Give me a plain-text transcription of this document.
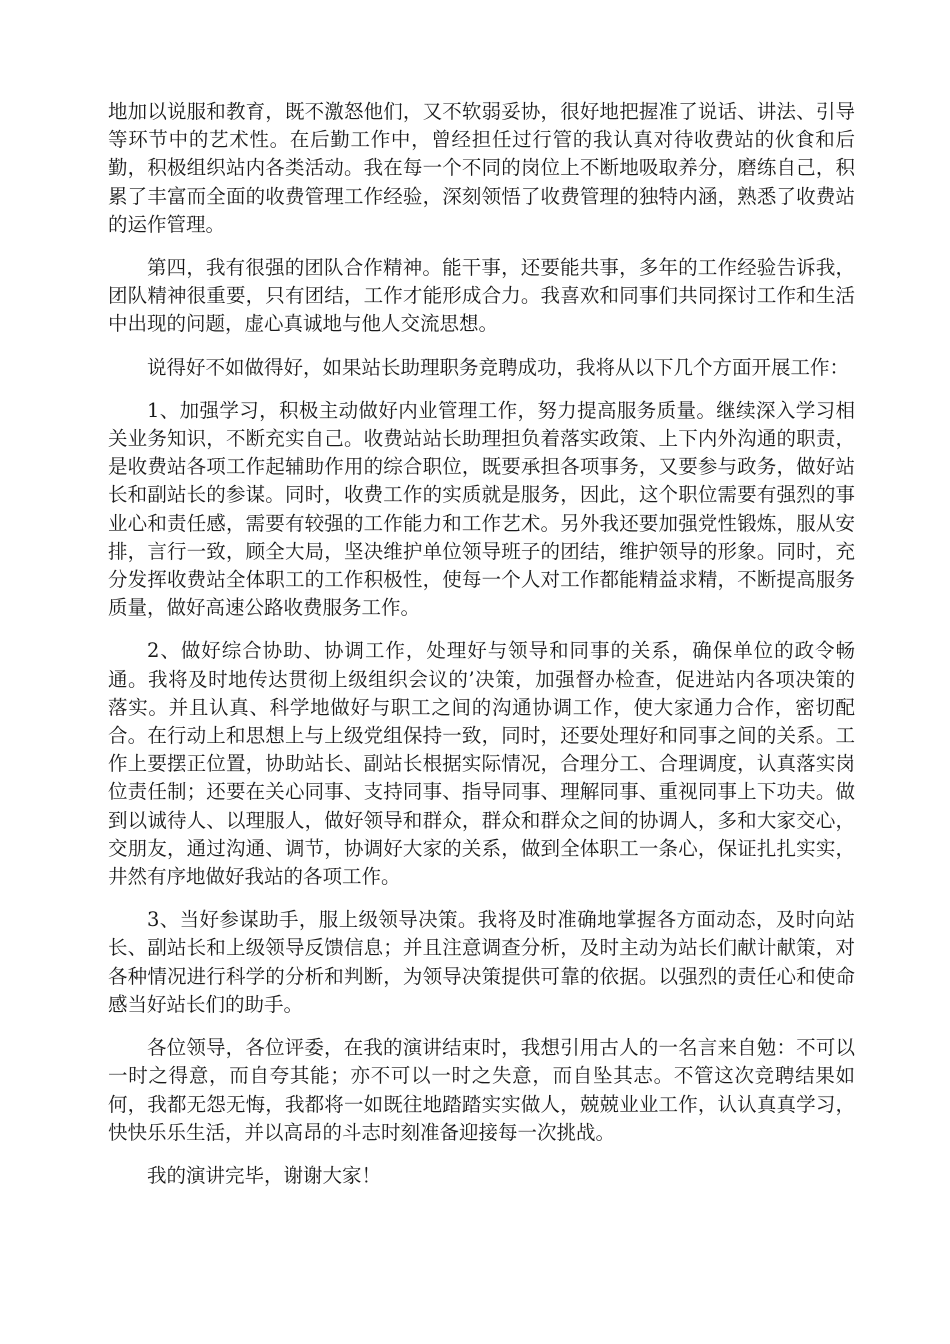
地加以说服和教育，既不激怒他们，又不软弱妥协，很好地把握准了说话、讲法、引导等环节中的艺术性。在后勤工作中，曾经担任过行管的我认真对待收费站的伙食和后勤，积极组织站内各类活动。我在每一个不同的岗位上不断地吸取养分，磨练自己，积累了丰富而全面的收费管理工作经验，深刻领悟了收费管理的独特内涵，熟悉了收费站的运作管理。

第四，我有很强的团队合作精神。能干事，还要能共事，多年的工作经验告诉我，团队精神很重要，只有团结，工作才能形成合力。我喜欢和同事们共同探讨工作和生活中出现的问题，虚心真诚地与他人交流思想。

说得好不如做得好，如果站长助理职务竞聘成功，我将从以下几个方面开展工作：

1、加强学习，积极主动做好内业管理工作，努力提高服务质量。继续深入学习相关业务知识，不断充实自己。收费站站长助理担负着落实政策、上下内外沟通的职责，是收费站各项工作起辅助作用的综合职位，既要承担各项事务，又要参与政务，做好站长和副站长的参谋。同时，收费工作的实质就是服务，因此，这个职位需要有强烈的事业心和责任感，需要有较强的工作能力和工作艺术。另外我还要加强党性锻炼，服从安排，言行一致，顾全大局，坚决维护单位领导班子的团结，维护领导的形象。同时，充分发挥收费站全体职工的工作积极性，使每一个人对工作都能精益求精，不断提高服务质量，做好高速公路收费服务工作。

2、做好综合协助、协调工作，处理好与领导和同事的关系，确保单位的政令畅通。我将及时地传达贯彻上级组织会议的’决策，加强督办检查，促进站内各项决策的落实。并且认真、科学地做好与职工之间的沟通协调工作，使大家通力合作，密切配合。在行动上和思想上与上级党组保持一致，同时，还要处理好和同事之间的关系。工作上要摆正位置，协助站长、副站长根据实际情况，合理分工、合理调度，认真落实岗位责任制；还要在关心同事、支持同事、指导同事、理解同事、重视同事上下功夫。做到以诚待人、以理服人，做好领导和群众，群众和群众之间的协调人，多和大家交心，交朋友，通过沟通、调节，协调好大家的关系，做到全体职工一条心，保证扎扎实实，井然有序地做好我站的各项工作。

3、当好参谋助手，服上级领导决策。我将及时准确地掌握各方面动态，及时向站长、副站长和上级领导反馈信息；并且注意调查分析，及时主动为站长们献计献策，对各种情况进行科学的分析和判断，为领导决策提供可靠的依据。以强烈的责任心和使命感当好站长们的助手。

各位领导，各位评委，在我的演讲结束时，我想引用古人的一名言来自勉：不可以一时之得意，而自夸其能；亦不可以一时之失意，而自坠其志。不管这次竞聘结果如何，我都无怨无悔，我都将一如既往地踏踏实实做人，兢兢业业工作，认认真真学习，快快乐乐生活，并以高昂的斗志时刻准备迎接每一次挑战。

我的演讲完毕，谢谢大家！
